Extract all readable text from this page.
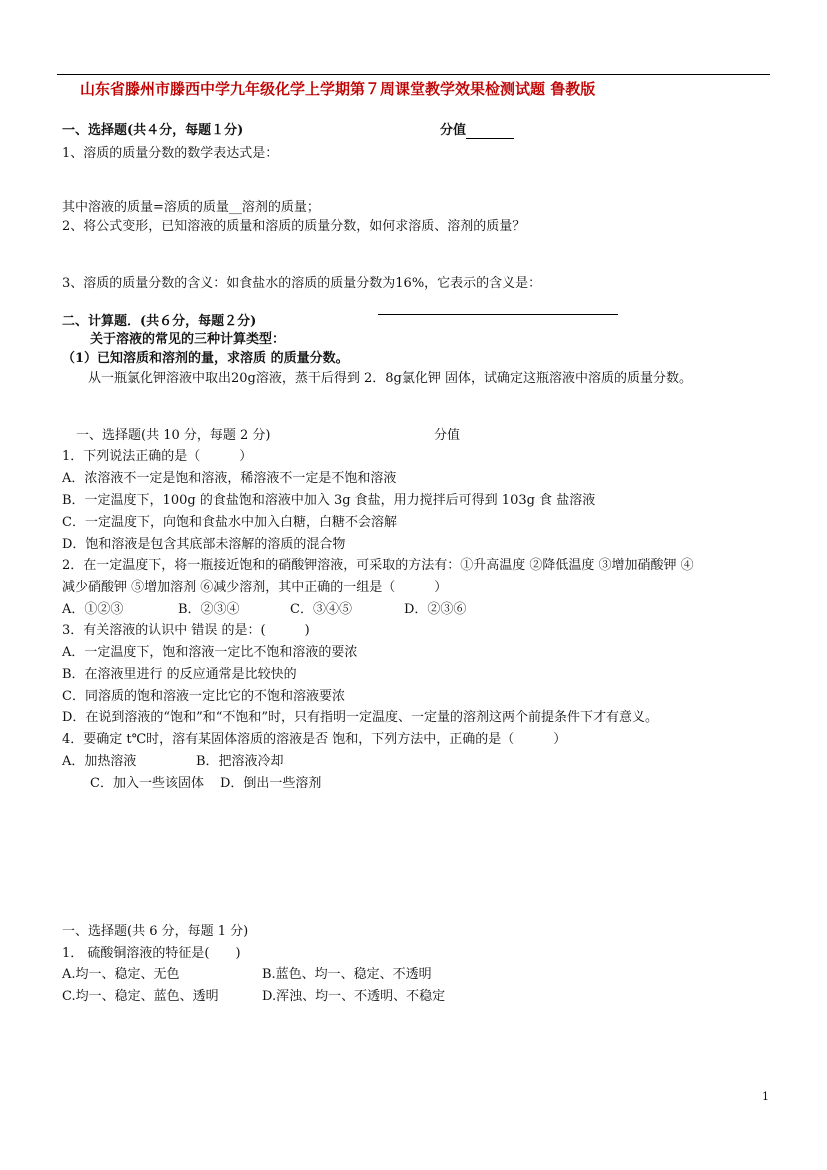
山东省滕州市滕西中学九年级化学上学期第７周课堂教学效果检测试题 鲁教版
一、选择题(共４分，每题１分)	分值
1、溶质的质量分数的数学表达式是：
其中溶液的质量=溶质的质量__溶剂的质量；
2、将公式变形，已知溶液的质量和溶质的质量分数，如何求溶质、溶剂的质量？
3、溶质的质量分数的含义：如食盐水的溶质的质量分数为16%，它表示的含义是：
二、计算题．(共６分，每题２分)
关于溶液的常见的三种计算类型：
（1）已知溶质和溶剂的量，求溶质 的质量分数。
从一瓶氯化钾溶液中取出20g溶液，蒸干后得到 2．8g氯化钾 固体，试确定这瓶溶液中溶质的质量分数。
一、选择题(共 10 分，每题 2 分)	分值
1．下列说法正确的是（　　　）
A．浓溶液不一定是饱和溶液，稀溶液不一定是不饱和溶液
B．一定温度下，100g 的食盐饱和溶液中加入 3g 食盐，用力搅拌后可得到 103g 食 盐溶液
C．一定温度下，向饱和食盐水中加入白糖，白糖不会溶解
D．饱和溶液是包含其底部未溶解的溶质的混合物
2．在一定温度下，将一瓶接近饱和的硝酸钾溶液，可采取的方法有：①升高温度 ②降低温度 ③增加硝酸钾 ④
减少硝酸钾 ⑤增加溶剂 ⑥减少溶剂，其中正确的一组是（　　　）
A．①②③	B．②③④	C．③④⑤	D．②③⑥
3．有关溶液的认识中 错误 的是：(　　　)
A．一定温度下，饱和溶液一定比不饱和溶液的要浓
B．在溶液里进行 的反应通常是比较快的
C．同溶质的饱和溶液一定比它的不饱和溶液要浓
D．在说到溶液的“饱和”和“不饱和”时，只有指明一定温度、一定量的溶剂这两个前提条件下才有意义。
4．要确定 t℃时，溶有某固体溶质的溶液是否 饱和，下列方法中，正确的是（　　　）
A．加热溶液	B．把溶液冷却
C．加入一些该固体 D．倒出一些溶剂
一、选择题(共 6 分，每题 1 分)
1． 硫酸铜溶液的特征是(　　)
A.均一、稳定、无色	B.蓝色、均一、稳定、不透明
C.均一、稳定、蓝色、透明	D.浑浊、均一、不透明、不稳定
1
